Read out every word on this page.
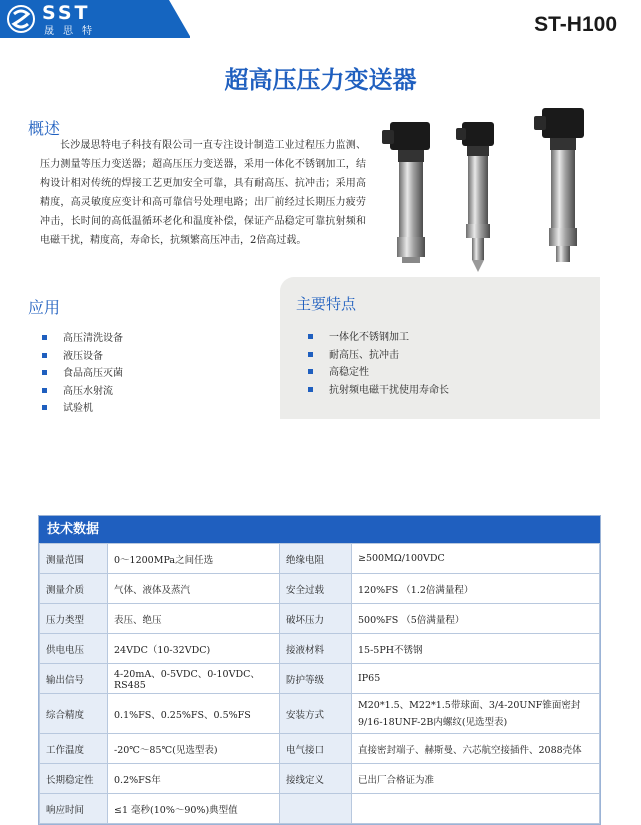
SST
晟思特	ST-H100
超高压压力变送器
概述
长沙晟思特电子科技有限公司一直专注设计制造工业过程压力监测、压力测量等压力变送器；超高压压力变送器，采用一体化不锈钢加工，结构设计相对传统的焊接工艺更加安全可靠，具有耐高压、抗冲击；采用高精度，高灵敏度应变计和高可靠信号处理电路；出厂前经过长期压力疲劳冲击，长时间的高低温循环老化和温度补偿，保证产品稳定可靠抗射频和电磁干扰，精度高，寿命长，抗频繁高压冲击，2倍高过载。
应用
高压清洗设备
液压设备
食品高压灭菌
高压水射流
试验机
主要特点
一体化不锈钢加工
耐高压、抗冲击
高稳定性
抗射频电磁干扰使用寿命长
技术数据
测量范围	0～1200MPa之间任选	绝缘电阻	≥500MΩ/100VDC
测量介质	气体、液体及蒸汽	安全过载	120%FS （1.2倍满量程）
压力类型	表压、绝压	破坏压力	500%FS （5倍满量程）
供电电压	24VDC（10-32VDC)	接液材料	15-5PH不锈钢
输出信号	4-20mA、0-5VDC、0-10VDC、RS485	防护等级	IP65
综合精度	0.1%FS、0.25%FS、0.5%FS	安装方式	M20*1.5、M22*1.5带球面、3/4-20UNF锥面密封
9/16-18UNF-2B内螺纹(见选型表)

工作温度	-20℃～85℃(见选型表)	电气接口	直接密封端子、赫斯曼、六芯航空接插件、2088壳体
长期稳定性	0.2%FS年	接线定义	已出厂合格证为准
响应时间	≤1 毫秒(10%～90%)典型值		
